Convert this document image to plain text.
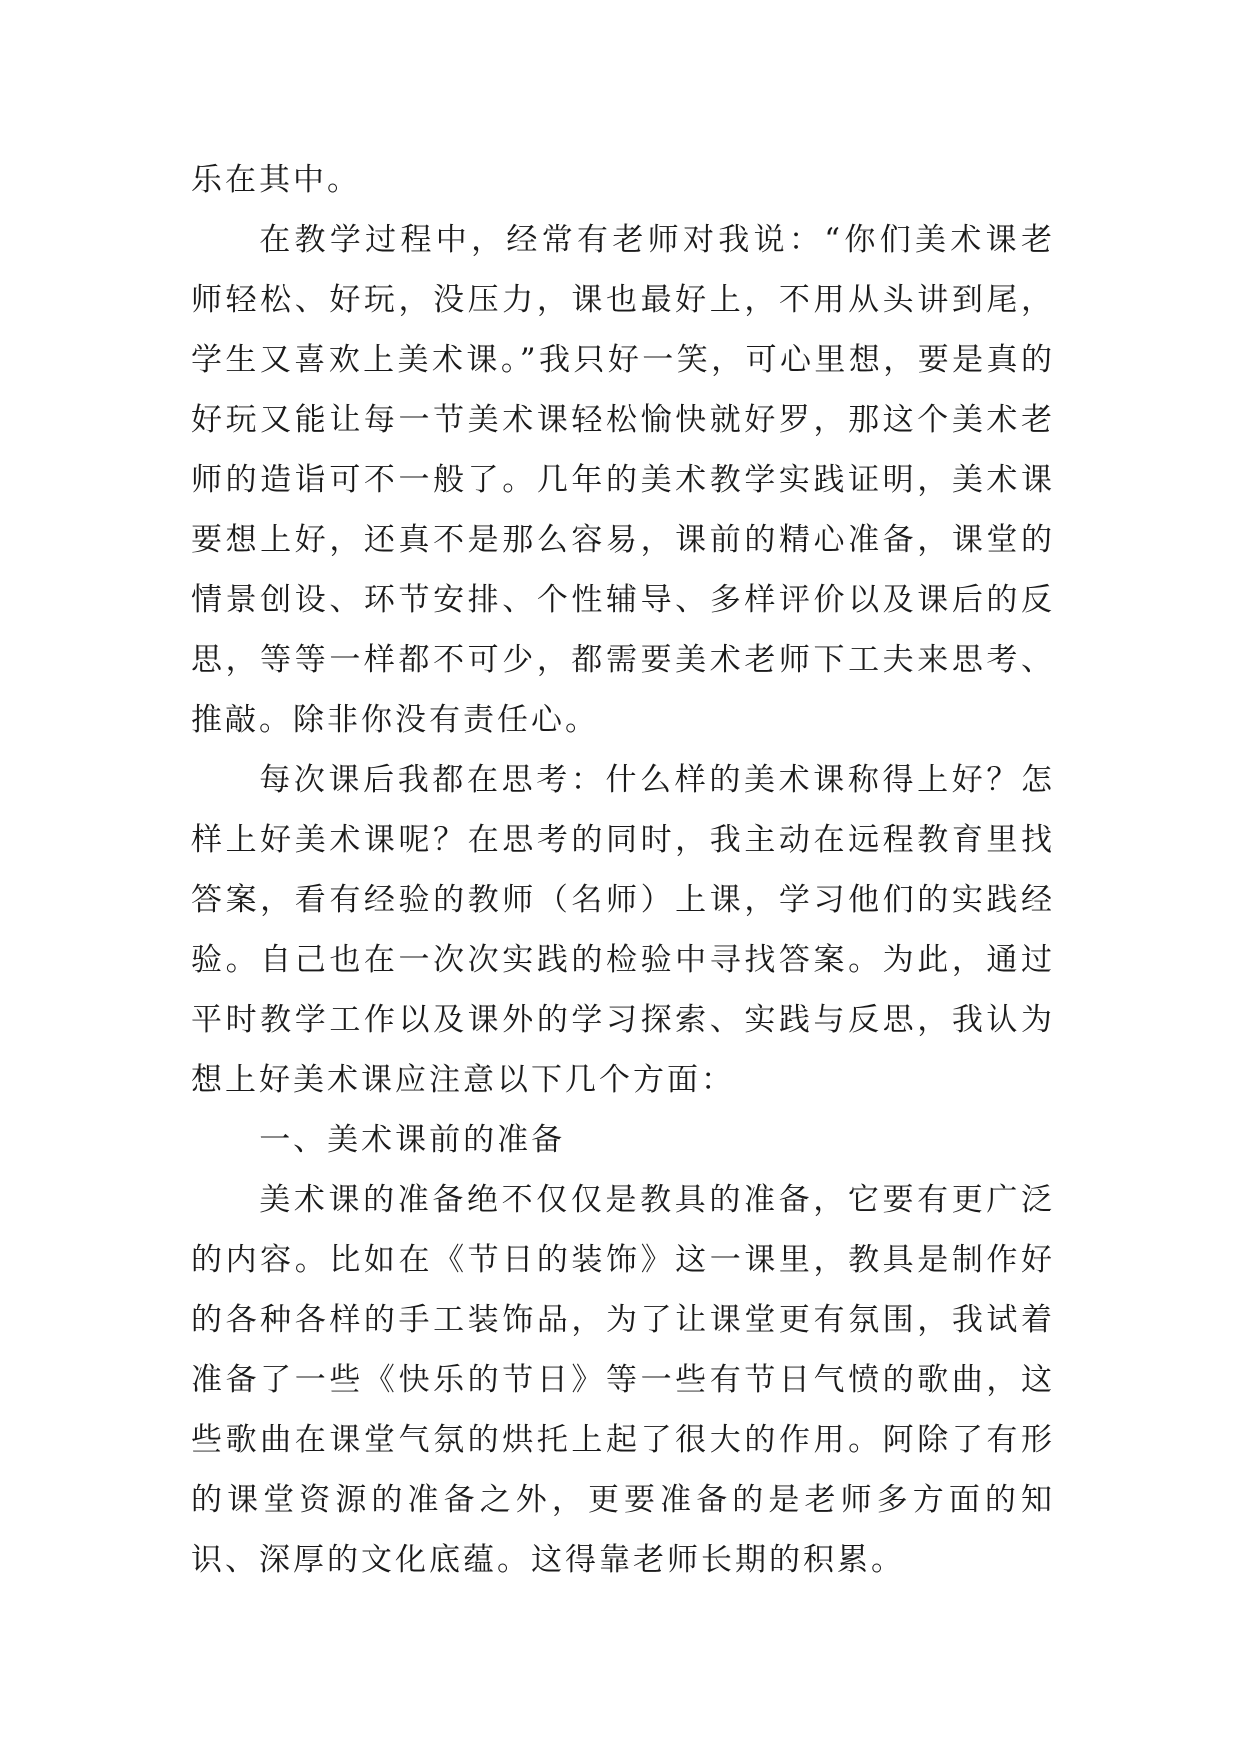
乐在其中。

在教学过程中，经常有老师对我说：“你们美术课老师轻松、好玩，没压力，课也最好上，不用从头讲到尾，学生又喜欢上美术课。”我只好一笑，可心里想，要是真的好玩又能让每一节美术课轻松愉快就好罗，那这个美术老师的造诣可不一般了。几年的美术教学实践证明，美术课要想上好，还真不是那么容易，课前的精心准备，课堂的情景创设、环节安排、个性辅导、多样评价以及课后的反思，等等一样都不可少，都需要美术老师下工夫来思考、推敲。除非你没有责任心。

每次课后我都在思考：什么样的美术课称得上好？怎样上好美术课呢？在思考的同时，我主动在远程教育里找答案，看有经验的教师（名师）上课，学习他们的实践经验。自己也在一次次实践的检验中寻找答案。为此，通过平时教学工作以及课外的学习探索、实践与反思，我认为想上好美术课应注意以下几个方面：

一、美术课前的准备

美术课的准备绝不仅仅是教具的准备，它要有更广泛的内容。比如在《节日的装饰》这一课里，教具是制作好的各种各样的手工装饰品，为了让课堂更有氛围，我试着准备了一些《快乐的节日》等一些有节日气愤的歌曲，这些歌曲在课堂气氛的烘托上起了很大的作用。阿除了有形的课堂资源的准备之外，更要准备的是老师多方面的知识、深厚的文化底蕴。这得靠老师长期的积累。
